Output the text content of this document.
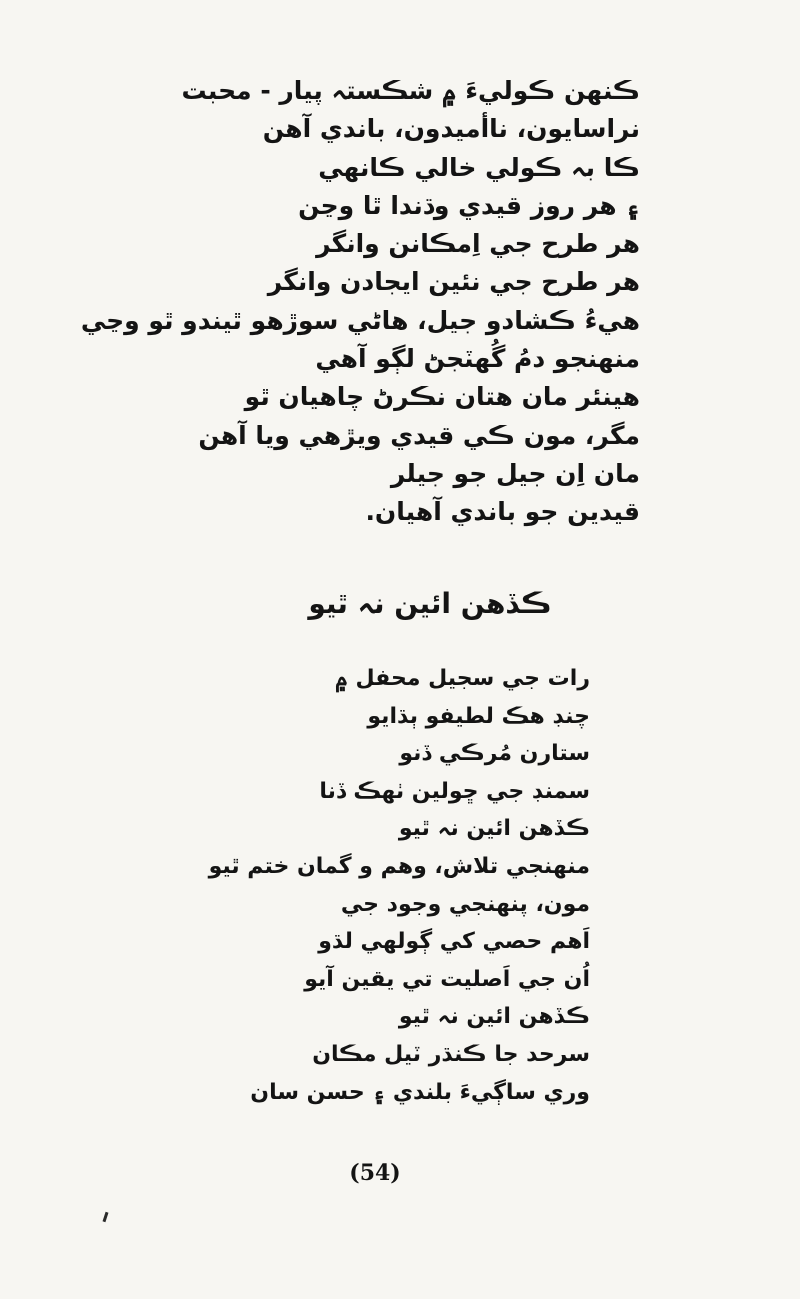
ڪنهن ڪوليءَ ۾ شڪستہ پيار - محبت
نراسايون، ناأميدون، باندي آهن
ڪا بہ ڪولي خالي ڪانهي
۽ هر روز قيدي وڌندا ٿا وڃن
هر طرح جي اِمڪانن وانگر
هر طرح جي نئين ايجادن وانگر
هيءُ ڪشادو جيل، هاڻي سوڙهو ٿيندو ٿو وڃي
منهنجو دمُ گُهٽجڻ لڳو آهي
هينئر مان هتان نڪرڻ چاهيان ٿو
مگر، مون ڪي قيدي ويڙهي ويا آهن
مان اِن جيل جو جيلر
قيدين جو باندي آهيان.
ڪڏهن ائين نہ ٿيو
رات جي سجيل محفل ۾
چنڊ هڪ لطيفو ٻڌايو
ستارن مُرڪي ڏنو
سمنڊ جي ڇولين ٺهڪ ڏنا
ڪڏهن ائين نہ ٿيو
منهنجي تلاش، وهم و گمان ختم ٿيو
مون، پنهنجي وجود جي
اَهم حصي کي ڳولهي لڌو
اُن جي اَصليت تي يقين آيو
ڪڏهن ائين نہ ٿيو
سرحد جا ڪنڌر ٽيل مڪان
وري ساڳيءَ بلندي ۽ حسن سان
(54)
